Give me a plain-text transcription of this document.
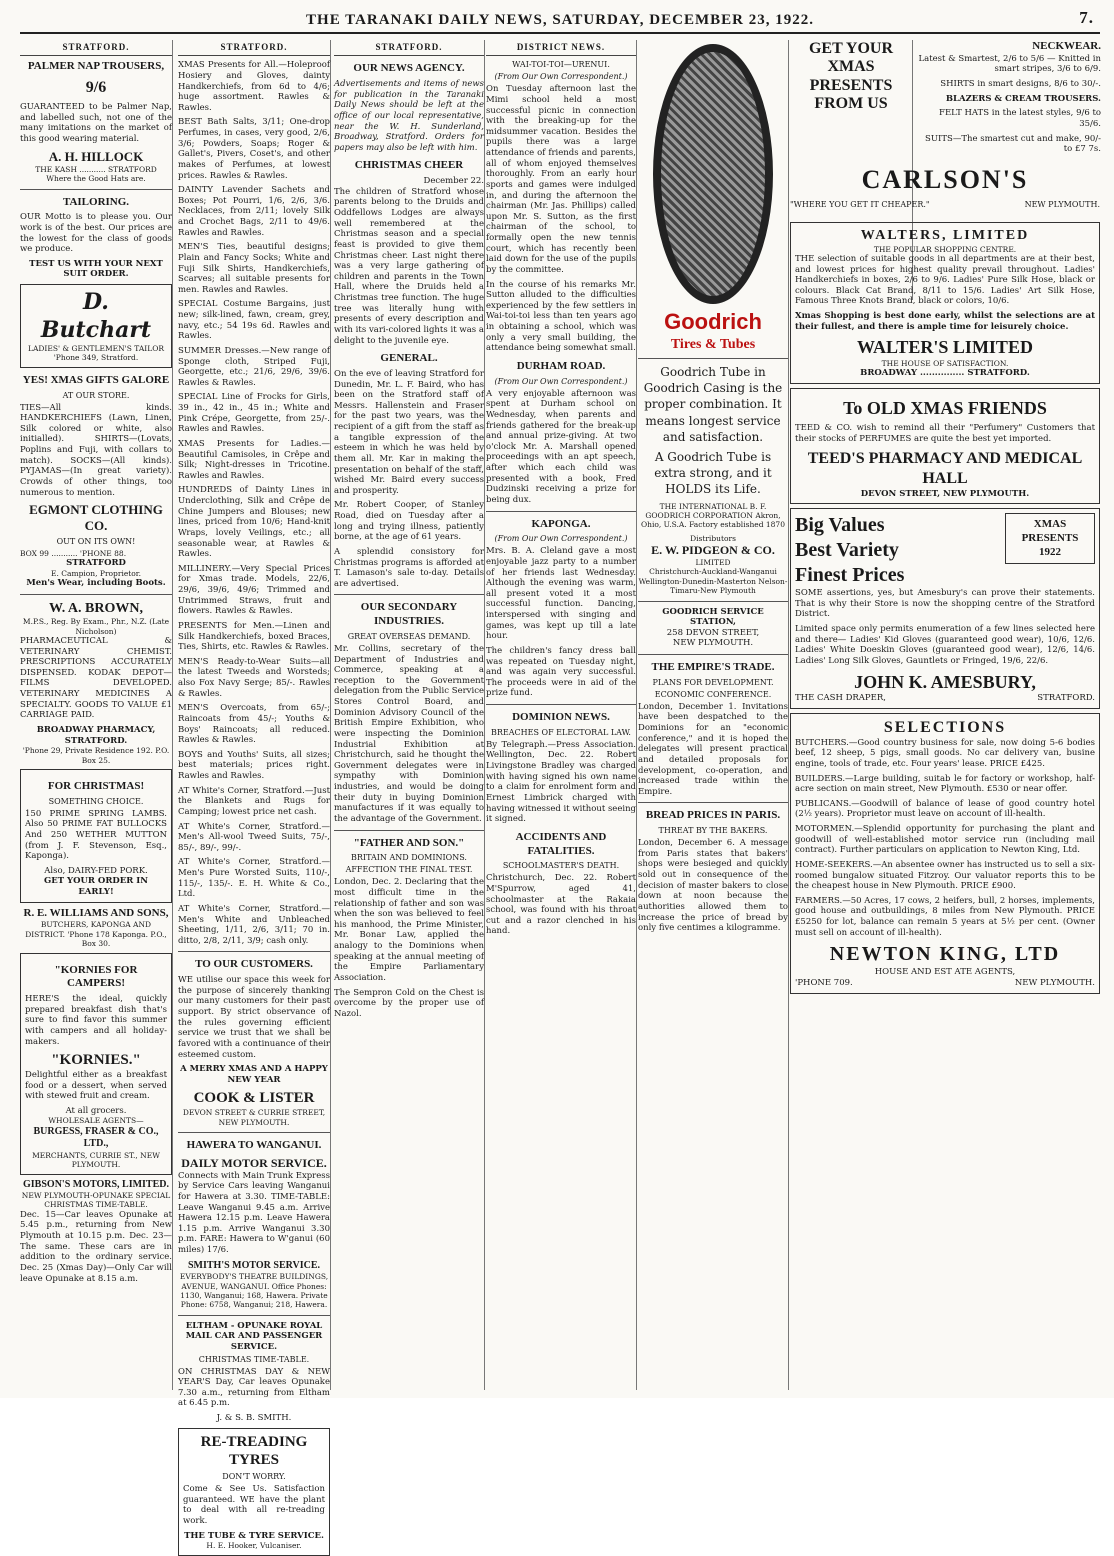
THE TARANAKI DAILY NEWS, SATURDAY, DECEMBER 23, 1922.	7.
STRATFORD.
PALMER NAP TROUSERS,
9/6

GUARANTEED to be Palmer Nap, and labelled such, not one of the many imitations on the market of this good wearing material.

A. H. HILLOCK
THE KASH ........... STRATFORD
Where the Good Hats are.
TAILORING.

OUR Motto is to please you. Our work is of the best. Our prices are the lowest for the class of goods we produce.

TEST US WITH YOUR NEXT SUIT ORDER.
D. Butchart
LADIES' & GENTLEMEN'S TAILOR
'Phone 349, Stratford.
YES! XMAS GIFTS GALORE
AT OUR STORE.

TIES—All kinds. HANDKERCHIEFS (Lawn, Linen, Silk colored or white, also initialled). SHIRTS—(Lovats, Poplins and Fuji, with collars to match). SOCKS—(All kinds). PYJAMAS—(In great variety). Crowds of other things, too numerous to mention.

EGMONT CLOTHING CO.
OUT ON ITS OWN!
BOX 99 ........... 'PHONE 88.
STRATFORD
E. Campion, Proprietor.
Men's Wear, including Boots.
W. A. BROWN,
M.P.S., Reg. By Exam., Phr., N.Z. (Late Nicholson)

PHARMACEUTICAL & VETERINARY CHEMIST. PRESCRIPTIONS ACCURATELY DISPENSED. KODAK DEPOT—FILMS DEVELOPED. VETERINARY MEDICINES A SPECIALTY. GOODS TO VALUE £1 CARRIAGE PAID.

BROADWAY PHARMACY, STRATFORD.
'Phone 29, Private Residence 192. P.O. Box 25.
FOR CHRISTMAS!
SOMETHING CHOICE.

150 PRIME SPRING LAMBS. Also 50 PRIME FAT BULLOCKS And 250 WETHER MUTTON (from J. F. Stevenson, Esq., Kaponga).

Also, DAIRY-FED PORK.
GET YOUR ORDER IN EARLY!
R. E. WILLIAMS AND SONS,
BUTCHERS, KAPONGA AND DISTRICT. 'Phone 178 Kaponga. P.O., Box 30.
"KORNIES FOR CAMPERS!

HERE'S the ideal, quickly prepared breakfast dish that's sure to find favor this summer with campers and all holiday-makers.

"KORNIES."

Delightful either as a breakfast food or a dessert, when served with stewed fruit and cream.

At all grocers.
WHOLESALE AGENTS—
BURGESS, FRASER & CO., LTD.,
MERCHANTS, CURRIE ST., NEW PLYMOUTH.
GIBSON'S MOTORS, LIMITED.
NEW PLYMOUTH-OPUNAKE SPECIAL CHRISTMAS TIME-TABLE.

Dec. 15—Car leaves Opunake at 5.45 p.m., returning from New Plymouth at 10.15 p.m. Dec. 23—The same. These cars are in addition to the ordinary service. Dec. 25 (Xmas Day)—Only Car will leave Opunake at 8.15 a.m.

STRATFORD.

XMAS Presents for All.—Holeproof Hosiery and Gloves, dainty Handkerchiefs, from 6d to 4/6; huge assortment. Rawles & Rawles.

BEST Bath Salts, 3/11; One-drop Perfumes, in cases, very good, 2/6, 3/6; Powders, Soaps; Roger & Gallet's, Pivers, Coset's, and other makes of Perfumes, at lowest prices. Rawles & Rawles.

DAINTY Lavender Sachets and Boxes; Pot Pourri, 1/6, 2/6, 3/6. Necklaces, from 2/11; lovely Silk and Crochet Bags, 2/11 to 49/6. Rawles and Rawles.

MEN'S Ties, beautiful designs; Plain and Fancy Socks; White and Fuji Silk Shirts, Handkerchiefs, Scarves; all suitable presents for men. Rawles and Rawles.

SPECIAL Costume Bargains, just new; silk-lined, fawn, cream, grey, navy, etc.; 54 19s 6d. Rawles and Rawles.

SUMMER Dresses.—New range of Sponge cloth, Striped Fuji, Georgette, etc.; 21/6, 29/6, 39/6. Rawles & Rawles.

SPECIAL Line of Frocks for Girls, 39 in., 42 in., 45 in.; White and Pink Crépe, Georgette, from 25/-. Rawles and Rawles.

XMAS Presents for Ladies.—Beautiful Camisoles, in Crêpe and Silk; Night-dresses in Tricotine. Rawles and Rawles.

HUNDREDS of Dainty Lines in Underclothing, Silk and Crêpe de Chine Jumpers and Blouses; new lines, priced from 10/6; Hand-knit Wraps, lovely Veilings, etc.; all seasonable wear, at Rawles & Rawles.

MILLINERY.—Very Special Prices for Xmas trade. Models, 22/6, 29/6, 39/6, 49/6; Trimmed and Untrimmed Straws, fruit and flowers. Rawles & Rawles.

PRESENTS for Men.—Linen and Silk Handkerchiefs, boxed Braces, Ties, Shirts, etc. Rawles & Rawles.

MEN'S Ready-to-Wear Suits—all the latest Tweeds and Worsteds; also Fox Navy Serge; 85/-. Rawles & Rawles.

MEN'S Overcoats, from 65/-; Raincoats from 45/-; Youths & Boys' Raincoats; all reduced. Rawles & Rawles.

BOYS and Youths' Suits, all sizes; best materials; prices right. Rawles and Rawles.

AT White's Corner, Stratford.—Just the Blankets and Rugs for Camping; lowest price net cash.

AT White's Corner, Stratford.—Men's All-wool Tweed Suits, 75/-, 85/-, 89/-, 99/-.

AT White's Corner, Stratford.—Men's Pure Worsted Suits, 110/-, 115/-, 135/-. E. H. White & Co., Ltd.

AT White's Corner, Stratford.—Men's White and Unbleached Sheeting, 1/11, 2/6, 3/11; 70 in. ditto, 2/8, 2/11, 3/9; cash only.

TO OUR CUSTOMERS.

WE utilise our space this week for the purpose of sincerely thanking our many customers for their past support. By strict observance of the rules governing efficient service we trust that we shall be favored with a continuance of their esteemed custom.

A MERRY XMAS AND A HAPPY NEW YEAR
COOK & LISTER
DEVON STREET & CURRIE STREET, NEW PLYMOUTH.
HAWERA TO WANGANUI.
DAILY MOTOR SERVICE.

Connects with Main Trunk Express by Service Cars leaving Wanganui for Hawera at 3.30. TIME-TABLE: Leave Wanganui 9.45 a.m. Arrive Hawera 12.15 p.m. Leave Hawera 1.15 p.m. Arrive Wanganui 3.30 p.m. FARE: Hawera to W'ganui (60 miles) 17/6.

SMITH'S MOTOR SERVICE.
EVERYBODY'S THEATRE BUILDINGS, AVENUE, WANGANUI. Office Phones: 1130, Wanganui; 168, Hawera. Private Phone: 6758, Wanganui; 218, Hawera.
ELTHAM - OPUNAKE ROYAL MAIL CAR AND PASSENGER SERVICE.
CHRISTMAS TIME-TABLE.

ON CHRISTMAS DAY & NEW YEAR'S Day, Car leaves Opunake 7.30 a.m., returning from Eltham at 6.45 p.m.

J. & S. B. SMITH.
RE-TREADING TYRES
DON'T WORRY.

Come & See Us. Satisfaction guaranteed. WE have the plant to deal with all re-treading work.

THE TUBE & TYRE SERVICE.
H. E. Hooker, Vulcaniser.
STRATFORD.
OUR NEWS AGENCY.

Advertisements and items of news for publication in the Taranaki Daily News should be left at the office of our local representative, near the W. H. Sunderland, Broadway, Stratford. Orders for papers may also be left with him.

CHRISTMAS CHEER
December 22.

The children of Stratford whose parents belong to the Druids and Oddfellows Lodges are always well remembered at the Christmas season and a special feast is provided to give them Christmas cheer. Last night there was a very large gathering of children and parents in the Town Hall, where the Druids held a Christmas tree function. The huge tree was literally hung with presents of every description and with its vari-colored lights it was a delight to the juvenile eye.

GENERAL.

On the eve of leaving Stratford for Dunedin, Mr. L. F. Baird, who has been on the Stratford staff of Messrs. Hallenstein and Fraser for the past two years, was the recipient of a gift from the staff as a tangible expression of the esteem in which he was held by them all. Mr. Kar in making the presentation on behalf of the staff, wished Mr. Baird every success and prosperity.

Mr. Robert Cooper, of Stanley Road, died on Tuesday after a long and trying illness, patiently borne, at the age of 61 years.

A splendid consistory for Christmas programs is afforded at T. Lamason's sale to-day. Details are advertised.

OUR SECONDARY INDUSTRIES.
GREAT OVERSEAS DEMAND.

Mr. Collins, secretary of the Department of Industries and Commerce, speaking at a reception to the Government delegation from the Public Service Stores Control Board, and Dominion Advisory Council of the British Empire Exhibition, who were inspecting the Dominion Industrial Exhibition at Christchurch, said he thought the Government delegates were in sympathy with Dominion industries, and would be doing their duty in buying Dominion manufactures if it was equally to the advantage of the Government.

"FATHER AND SON."
BRITAIN AND DOMINIONS.
AFFECTION THE FINAL TEST.

London, Dec. 2. Declaring that the most difficult time in the relationship of father and son was when the son was believed to feel his manhood, the Prime Minister, Mr. Bonar Law, applied the analogy to the Dominions when speaking at the annual meeting of the Empire Parliamentary Association.

The Sempron Cold on the Chest is overcome by the proper use of Nazol.

DISTRICT NEWS.
WAI-TOI-TOI—URENUI.
(From Our Own Correspondent.)

On Tuesday afternoon last the Mimi school held a most successful picnic in connection with the breaking-up for the midsummer vacation. Besides the pupils there was a large attendance of friends and parents, all of whom enjoyed themselves thoroughly. From an early hour sports and games were indulged in, and during the afternoon the chairman (Mr. Jas. Phillips) called upon Mr. S. Sutton, as the first chairman of the school, to formally open the new tennis court, which has recently been laid down for the use of the pupils by the committee.

In the course of his remarks Mr. Sutton alluded to the difficulties experienced by the few settlers in Wai-toi-toi less than ten years ago in obtaining a school, which was only a very small building, the attendance being somewhat small.

DURHAM ROAD.
(From Our Own Correspondent.)

A very enjoyable afternoon was spent at Durham school on Wednesday, when parents and friends gathered for the break-up and annual prize-giving. At two o'clock Mr. A. Marshall opened proceedings with an apt speech, after which each child was presented with a book, Fred Dudzinski receiving a prize for being dux.

KAPONGA.
(From Our Own Correspondent.)

Mrs. B. A. Cleland gave a most enjoyable jazz party to a number of her friends last Wednesday. Although the evening was warm, all present voted it a most successful function. Dancing, interspersed with singing and games, was kept up till a late hour.

The children's fancy dress ball was repeated on Tuesday night, and was again very successful. The proceeds were in aid of the prize fund.

DOMINION NEWS.
BREACHES OF ELECTORAL LAW.

By Telegraph.—Press Association. Wellington, Dec. 22. Robert Livingstone Bradley was charged with having signed his own name to a claim for enrolment form and Ernest Limbrick charged with having witnessed it without seeing it signed.

ACCIDENTS AND FATALITIES.
SCHOOLMASTER'S DEATH.

Christchurch, Dec. 22. Robert M'Spurrow, aged 41, schoolmaster at the Rakaia school, was found with his throat cut and a razor clenched in his hand.

Goodrich
Tires & Tubes

Goodrich Tube in Goodrich Casing is the proper combination. It means longest service and satisfaction.

A Goodrich Tube is extra strong, and it HOLDS its Life.

THE INTERNATIONAL B. F. GOODRICH CORPORATION Akron, Ohio, U.S.A. Factory established 1870
Distributors
E. W. PIDGEON & CO.
LIMITED
Christchurch-Auckland-Wanganui Wellington-Dunedin-Masterton Nelson-Timaru-New Plymouth
GOODRICH SERVICE STATION,
258 DEVON STREET,
NEW PLYMOUTH.
THE EMPIRE'S TRADE.
PLANS FOR DEVELOPMENT.
ECONOMIC CONFERENCE.

London, December 1. Invitations have been despatched to the Dominions for an "economic conference," and it is hoped the delegates will present practical and detailed proposals for development, co-operation, and increased trade within the Empire.

BREAD PRICES IN PARIS.
THREAT BY THE BAKERS.

London, December 6. A message from Paris states that bakers' shops were besieged and quickly sold out in consequence of the decision of master bakers to close down at noon because the authorities allowed them to increase the price of bread by only five centimes a kilogramme.

GET YOUR XMAS PRESENTS FROM US
NECKWEAR.

Latest & Smartest, 2/6 to 5/6 — Knitted in smart stripes, 3/6 to 6/9.

SHIRTS in smart designs, 8/6 to 30/-.

BLAZERS & CREAM TROUSERS.

FELT HATS in the latest styles, 9/6 to 35/6.

SUITS—The smartest cut and make, 90/- to £7 7s.

CARLSON'S
"WHERE YOU GET IT CHEAPER."	NEW PLYMOUTH.
WALTERS, LIMITED
THE POPULAR SHOPPING CENTRE.

THE selection of suitable goods in all departments are at their best, and lowest prices for highest quality prevail throughout. Ladies' Handkerchiefs in boxes, 2/6 to 9/6. Ladies' Pure Silk Hose, black or colours. Black Cat Brand, 8/11 to 15/6. Ladies' Art Silk Hose, Famous Three Knots Brand, black or colors, 10/6.

Xmas Shopping is best done early, whilst the selections are at their fullest, and there is ample time for leisurely choice.

WALTER'S LIMITED
THE HOUSE OF SATISFACTION.
BROADWAY ............... STRATFORD.
To OLD XMAS FRIENDS

TEED & CO. wish to remind all their "Perfumery" Customers that their stocks of PERFUMES are quite the best yet imported.

TEED'S PHARMACY AND MEDICAL HALL
DEVON STREET, NEW PLYMOUTH.
Big Values
Best Variety
Finest Prices
XMAS PRESENTS 1922

SOME assertions, yes, but Amesbury's can prove their statements. That is why their Store is now the shopping centre of the Stratford District.

Limited space only permits enumeration of a few lines selected here and there— Ladies' Kid Gloves (guaranteed good wear), 10/6, 12/6. Ladies' White Doeskin Gloves (guaranteed good wear), 12/6, 14/6. Ladies' Long Silk Gloves, Gauntlets or Fringed, 19/6, 22/6.

JOHN K. AMESBURY,
THE CASH DRAPER,	STRATFORD.
SELECTIONS

BUTCHERS.—Good country business for sale, now doing 5-6 bodies beef, 12 sheep, 5 pigs, small goods. No car delivery van, busine engine, tools of trade, etc. Four years' lease. PRICE £425.

BUILDERS.—Large building, suitab le for factory or workshop, half-acre section on main street, New Plymouth. £530 or near offer.

PUBLICANS.—Goodwill of balance of lease of good country hotel (2½ years). Proprietor must leave on account of ill-health.

MOTORMEN.—Splendid opportunity for purchasing the plant and goodwill of well-established motor service run (including mail contract). Further particulars on application to Newton King, Ltd.

HOME-SEEKERS.—An absentee owner has instructed us to sell a six-roomed bungalow situated Fitzroy. Our valuator reports this to be the cheapest house in New Plymouth. PRICE £900.

FARMERS.—50 Acres, 17 cows, 2 heifers, bull, 2 horses, implements, good house and outbuildings, 8 miles from New Plymouth. PRICE £5250 for lot, balance can remain 5 years at 5½ per cent. (Owner must sell on account of ill-health).

NEWTON KING, LTD
HOUSE AND EST ATE AGENTS,
'PHONE 709.	NEW PLYMOUTH.
